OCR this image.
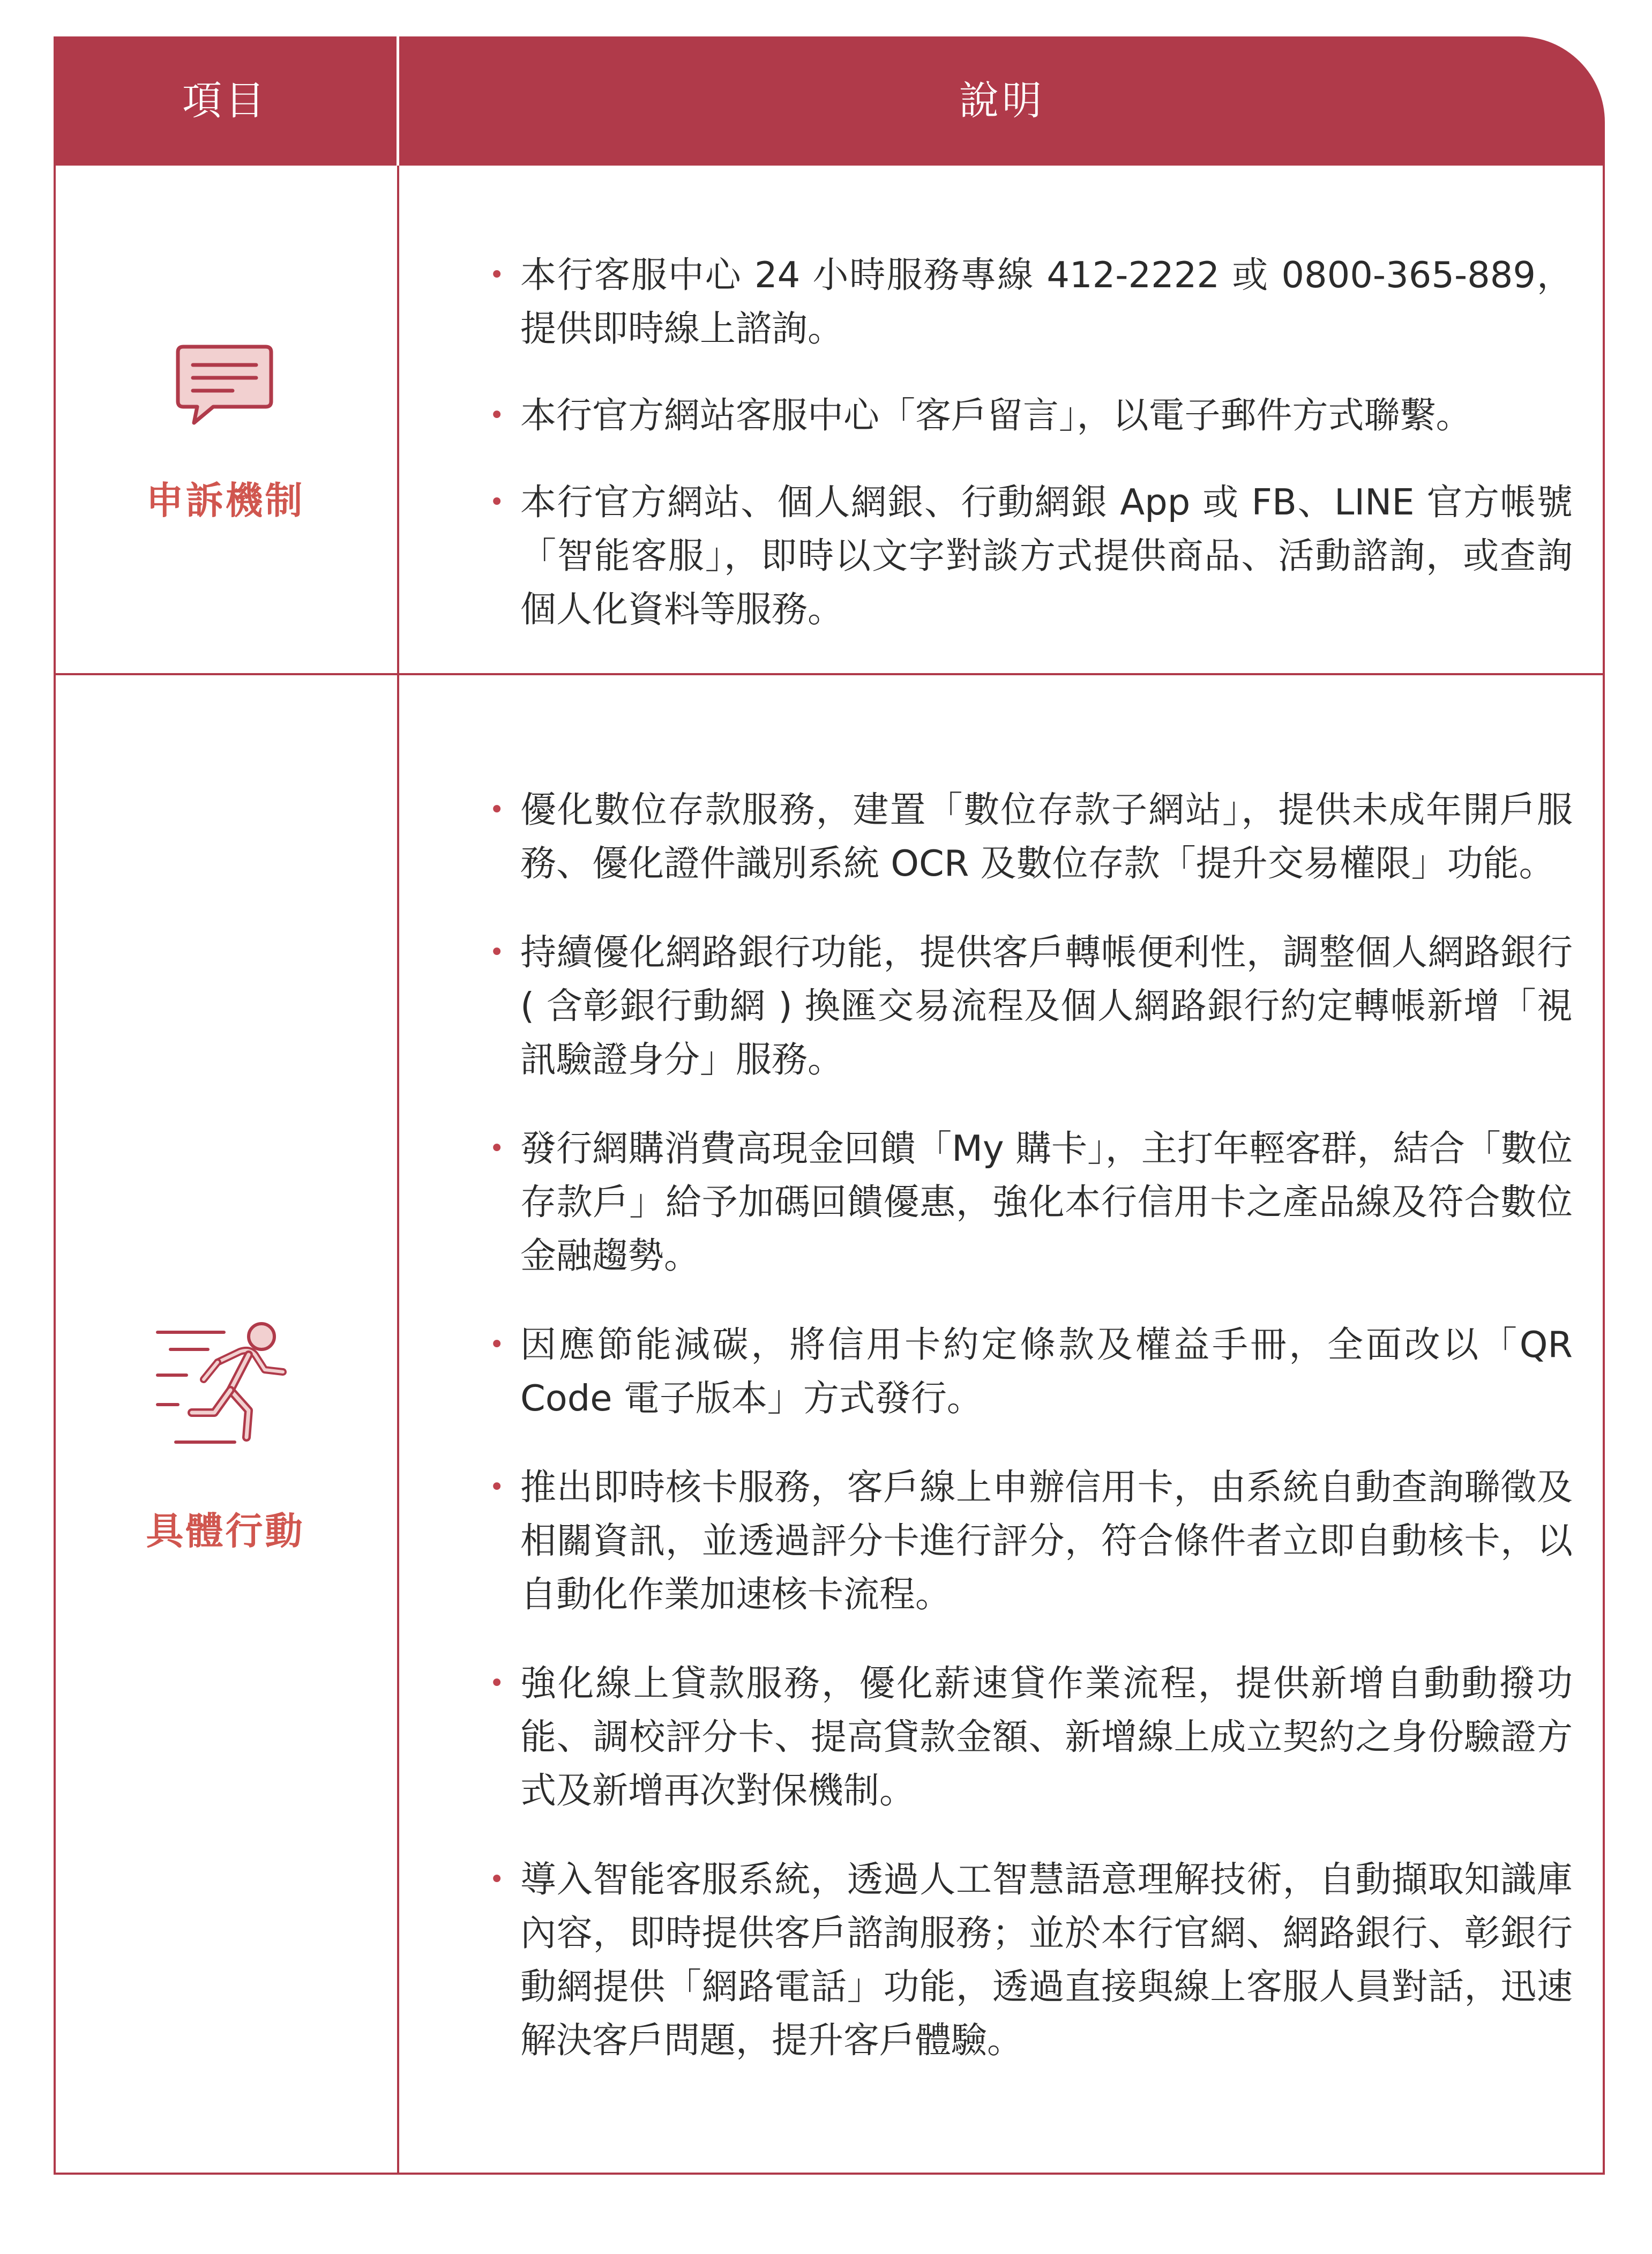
項目	說明
申訴機制
• 本行客服中心 24 小時服務專線 412-2222 或 0800-365-889，提供即時線上諮詢。
• 本行官方網站客服中心「客戶留言」，以電子郵件方式聯繫。
• 本行官方網站、個人網銀、行動網銀 App 或 FB、LINE 官方帳號「智能客服」，即時以文字對談方式提供商品、活動諮詢，或查詢個人化資料等服務。
具體行動
• 優化數位存款服務，建置「數位存款子網站」，提供未成年開戶服務、優化證件識別系統 OCR 及數位存款「提升交易權限」功能。
• 持續優化網路銀行功能，提供客戶轉帳便利性，調整個人網路銀行 ( 含彰銀行動網 ) 換匯交易流程及個人網路銀行約定轉帳新增「視訊驗證身分」服務。
• 發行網購消費高現金回饋「My 購卡」，主打年輕客群，結合「數位存款戶」給予加碼回饋優惠，強化本行信用卡之產品線及符合數位金融趨勢。
• 因應節能減碳，將信用卡約定條款及權益手冊，全面改以「QR Code 電子版本」方式發行。
• 推出即時核卡服務，客戶線上申辦信用卡，由系統自動查詢聯徵及相關資訊，並透過評分卡進行評分，符合條件者立即自動核卡，以自動化作業加速核卡流程。
• 強化線上貸款服務，優化薪速貸作業流程，提供新增自動動撥功能、調校評分卡、提高貸款金額、新增線上成立契約之身份驗證方式及新增再次對保機制。
• 導入智能客服系統，透過人工智慧語意理解技術，自動擷取知識庫內容，即時提供客戶諮詢服務；並於本行官網、網路銀行、彰銀行動網提供「網路電話」功能，透過直接與線上客服人員對話，迅速解決客戶問題，提升客戶體驗。
